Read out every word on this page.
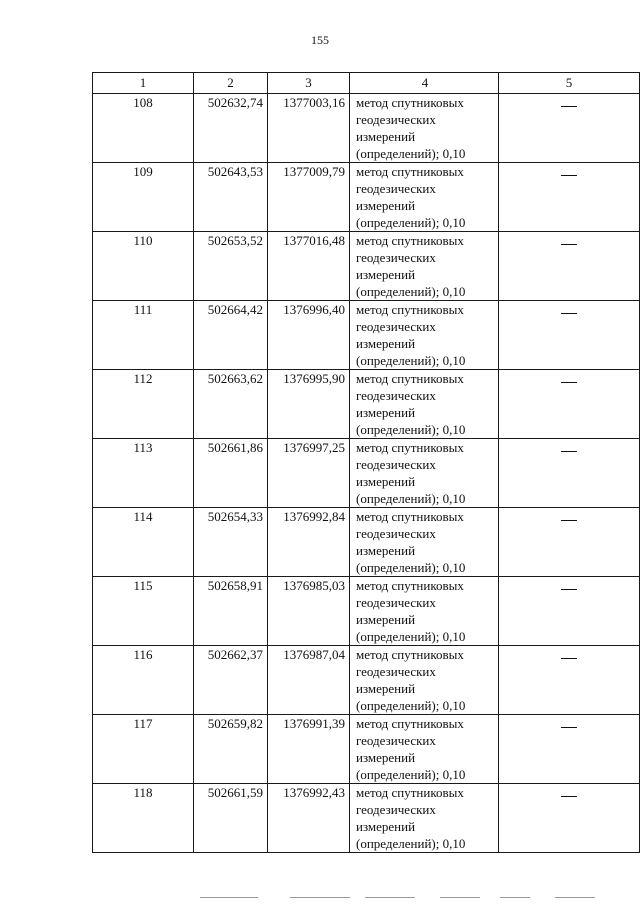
155
1	2	3	4	5
108	502632,74	1377003,16	метод спутниковых геодезических измерений (определений); 0,10	
109	502643,53	1377009,79	метод спутниковых геодезических измерений (определений); 0,10	
110	502653,52	1377016,48	метод спутниковых геодезических измерений (определений); 0,10	
111	502664,42	1376996,40	метод спутниковых геодезических измерений (определений); 0,10	
112	502663,62	1376995,90	метод спутниковых геодезических измерений (определений); 0,10	
113	502661,86	1376997,25	метод спутниковых геодезических измерений (определений); 0,10	
114	502654,33	1376992,84	метод спутниковых геодезических измерений (определений); 0,10	
115	502658,91	1376985,03	метод спутниковых геодезических измерений (определений); 0,10	
116	502662,37	1376987,04	метод спутниковых геодезических измерений (определений); 0,10	
117	502659,82	1376991,39	метод спутниковых геодезических измерений (определений); 0,10	
118	502661,59	1376992,43	метод спутниковых геодезических измерений (определений); 0,10	
